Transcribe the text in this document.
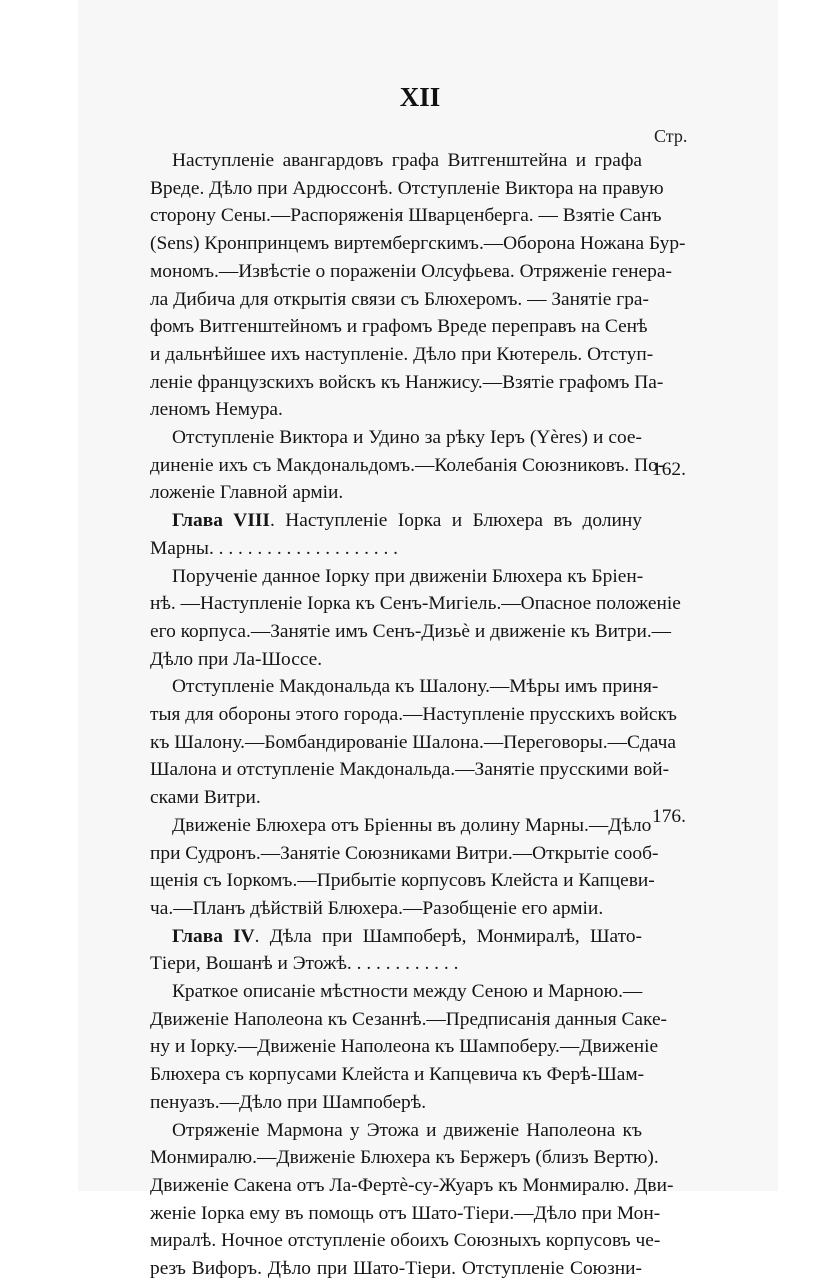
XII
Стр.
Наступленіе авангардовъ графа Витгенштейна и графа
Вреде. Дѣло при Ардюссонѣ. Отступленіе Виктора на правую
сторону Сены.—Распоряженія Шварценберга. — Взятіе Санъ
(Sens) Кронпринцемъ виртембергскимъ.—Оборона Ножана Бур-
мономъ.—Извѣстіе о пораженіи Олсуфьева. Отряженіе генера-
ла Дибича для открытія связи съ Блюхеромъ. — Занятіе гра-
фомъ Витгенштейномъ и графомъ Вреде переправъ на Сенѣ
и дальнѣйшее ихъ наступленіе. Дѣло при Кютерель. Отступ-
леніе французскихъ войскъ къ Нанжису.—Взятіе графомъ Па-
леномъ Немура.
Отступленіе Виктора и Удино за рѣку Іеръ (Yèrеs) и сое-
диненіе ихъ съ Макдональдомъ.—Колебанія Союзниковъ. По-
ложеніе Главной арміи.
Глава VIII. Наступленіе Іорка и Блюхера въ долину
Марны. . . . . . . . . . . . . . . . . . . .
Порученіе данное Іорку при движеніи Блюхера къ Бріен-
нѣ. —Наступленіе Іорка къ Сенъ-Мигіель.—Опасное положеніе
его корпуса.—Занятіе имъ Сенъ-Дизьѐ и движеніе къ Витри.—
Дѣло при Ла-Шоссе.
Отступленіе Макдональда къ Шалону.—Мѣры имъ приня-
тыя для обороны этого города.—Наступленіе прусскихъ войскъ
къ Шалону.—Бомбандированіе Шалона.—Переговоры.—Сдача
Шалона и отступленіе Макдональда.—Занятіе прусскими вой-
сками Витри.
Движеніе Блюхера отъ Бріенны въ долину Марны.—Дѣло
при Судронъ.—Занятіе Союзниками Витри.—Открытіе сооб-
щенія съ Іоркомъ.—Прибытіе корпусовъ Клейста и Капцеви-
ча.—Планъ дѣйствій Блюхера.—Разобщеніе его арміи.
Глава IV. Дѣла при Шампоберѣ, Монмиралѣ, Шато-
Тіери, Вошанѣ и Этожѣ. . . . . . . . . . . .
Краткое описаніе мѣстности между Сеною и Марною.—
Движеніе Наполеона къ Сезаннѣ.—Предписанія данныя Саке-
ну и Іорку.—Движеніе Наполеона къ Шампоберу.—Движеніе
Блюхера съ корпусами Клейста и Капцевича къ Ферѣ-Шам-
пенуазъ.—Дѣло при Шампоберѣ.
Отряженіе Мармона у Этожа и движеніе Наполеона къ
Монмиралю.—Движеніе Блюхера къ Бержеръ (близъ Вертю).
Движеніе Сакена отъ Ла-Фертѐ-су-Жуаръ къ Монмиралю. Дви-
женіе Іорка ему въ помощь отъ Шато-Тіери.—Дѣло при Мон-
миралѣ. Ночное отступленіе обоихъ Союзныхъ корпусовъ че-
резъ Вифоръ. Дѣло при Шато-Тіери. Отступленіе Союзни-
162.
176.
